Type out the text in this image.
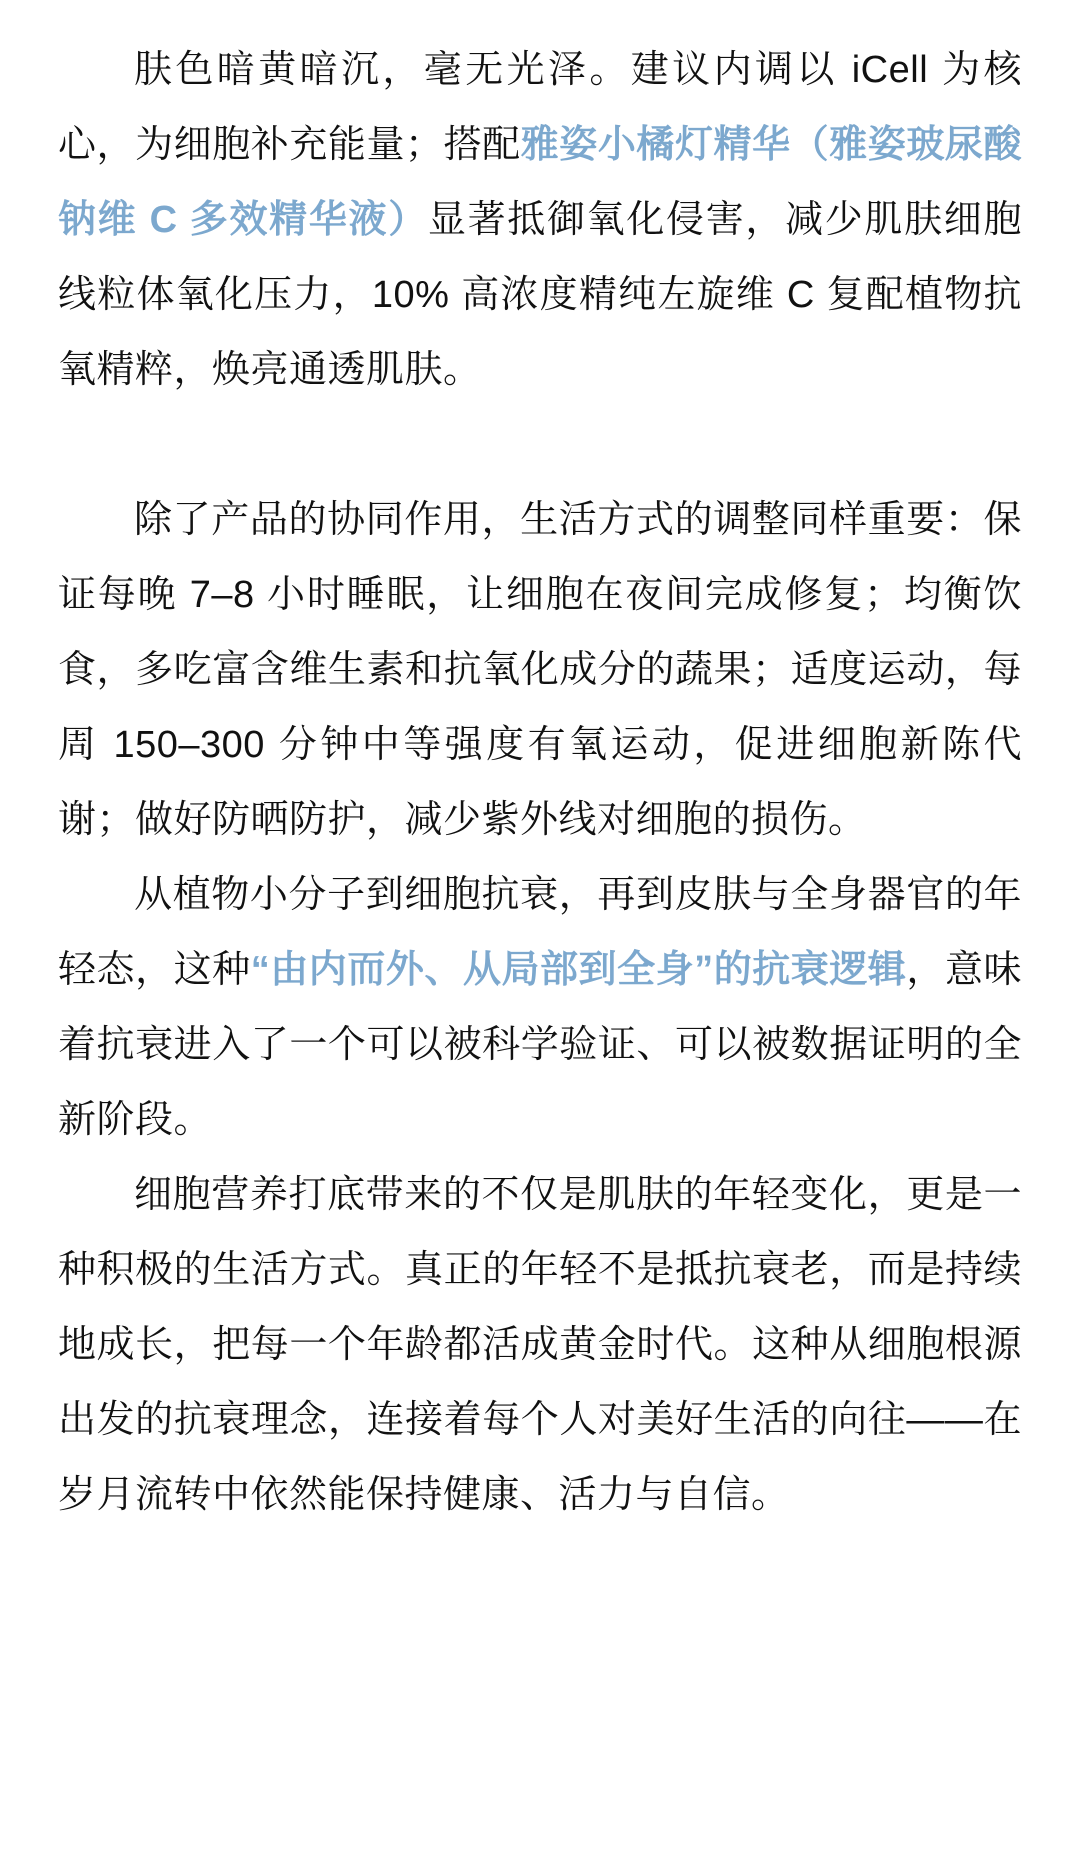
肤色暗黄暗沉，毫无光泽。建议内调以 iCell 为核心，为细胞补充能量；搭配雅姿小橘灯精华（雅姿玻尿酸钠维 C 多效精华液）显著抵御氧化侵害，减少肌肤细胞线粒体氧化压力，10% 高浓度精纯左旋维 C 复配植物抗氧精粹，焕亮通透肌肤。

除了产品的协同作用，生活方式的调整同样重要：保证每晚 7–8 小时睡眠，让细胞在夜间完成修复；均衡饮食，多吃富含维生素和抗氧化成分的蔬果；适度运动，每周 150–300 分钟中等强度有氧运动，促进细胞新陈代谢；做好防晒防护，减少紫外线对细胞的损伤。

从植物小分子到细胞抗衰，再到皮肤与全身器官的年轻态，这种“由内而外、从局部到全身”的抗衰逻辑，意味着抗衰进入了一个可以被科学验证、可以被数据证明的全新阶段。

细胞营养打底带来的不仅是肌肤的年轻变化，更是一种积极的生活方式。真正的年轻不是抵抗衰老，而是持续地成长，把每一个年龄都活成黄金时代。这种从细胞根源出发的抗衰理念，连接着每个人对美好生活的向往——在岁月流转中依然能保持健康、活力与自信。
